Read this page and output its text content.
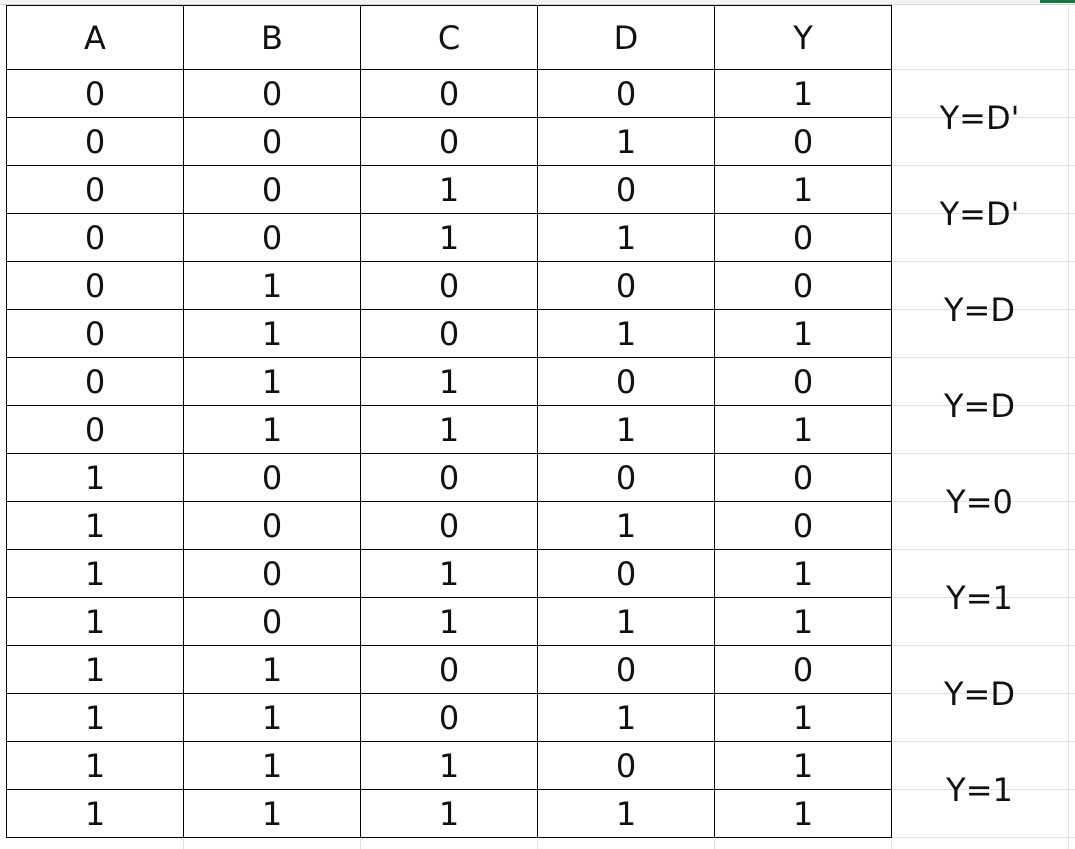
A	B	C	D	Y
0	0	0	0	1
0	0	0	1	0
0	0	1	0	1
0	0	1	1	0
0	1	0	0	0
0	1	0	1	1
0	1	1	0	0
0	1	1	1	1
1	0	0	0	0
1	0	0	1	0
1	0	1	0	1
1	0	1	1	1
1	1	0	0	0
1	1	0	1	1
1	1	1	0	1
1	1	1	1	1
Y=D'
Y=D'
Y=D
Y=D
Y=0
Y=1
Y=D
Y=1
